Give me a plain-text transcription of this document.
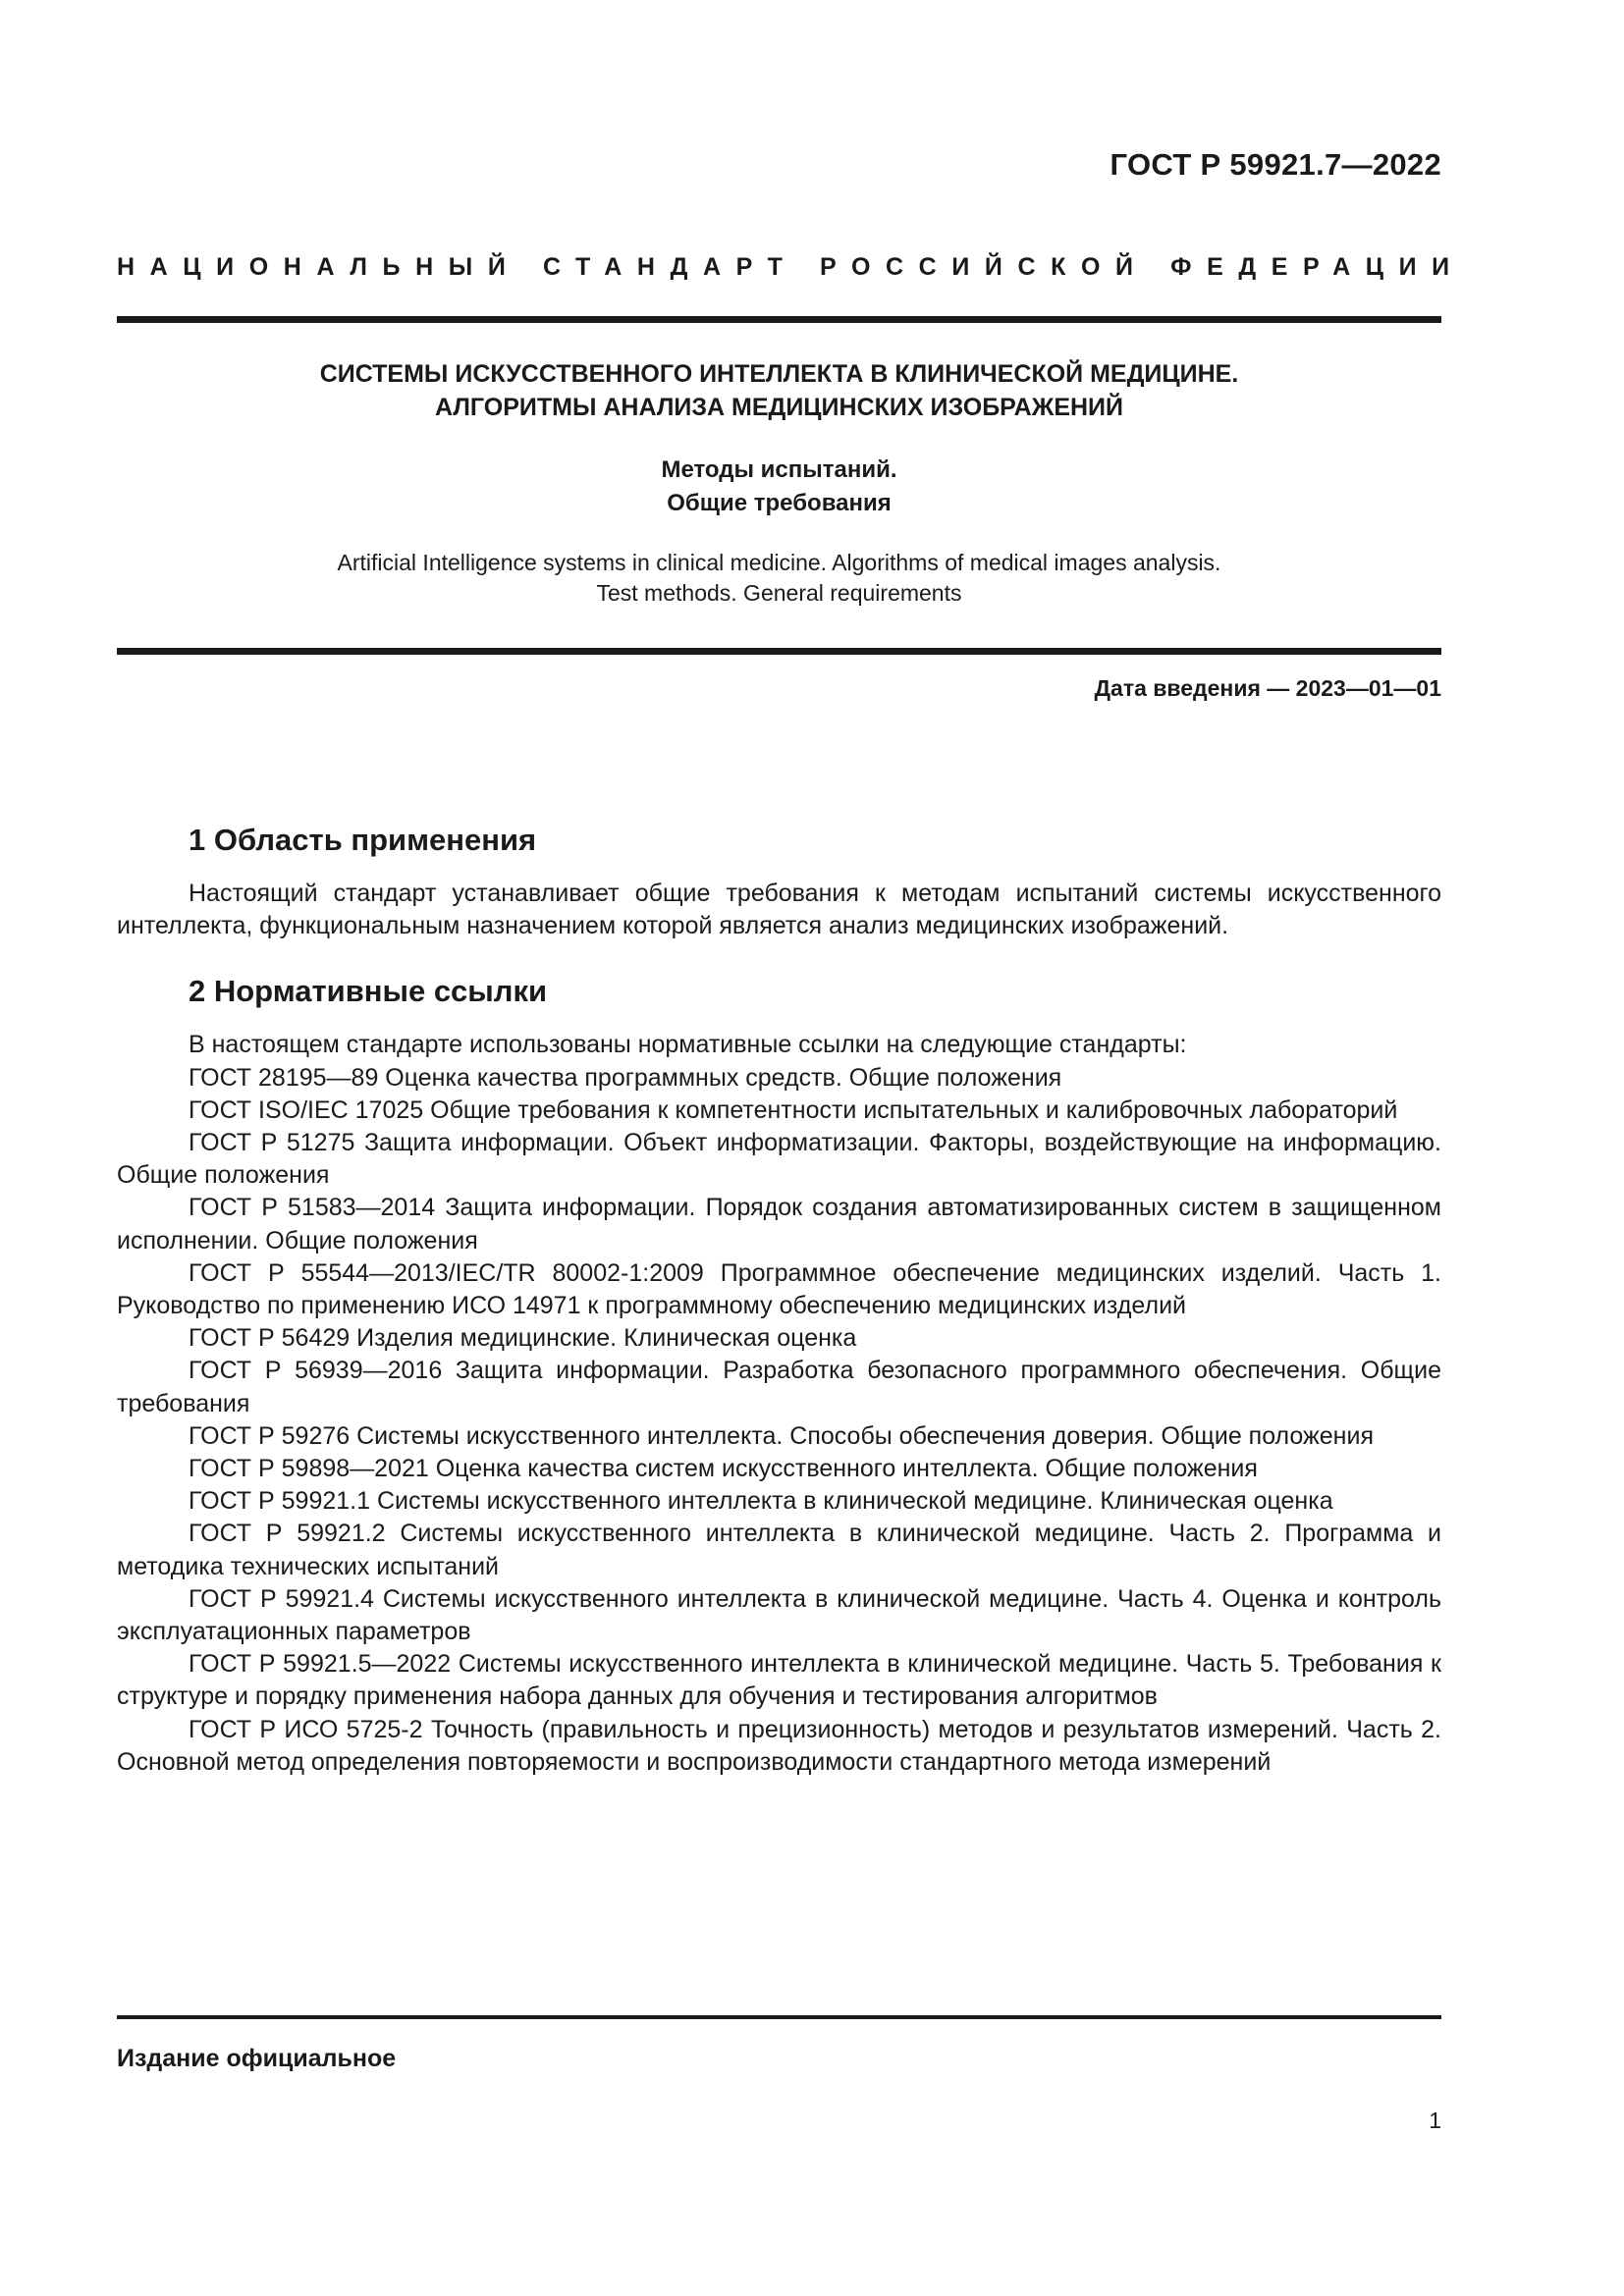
ГОСТ Р 59921.7—2022
НАЦИОНАЛЬНЫЙ СТАНДАРТ РОССИЙСКОЙ ФЕДЕРАЦИИ
СИСТЕМЫ ИСКУССТВЕННОГО ИНТЕЛЛЕКТА В КЛИНИЧЕСКОЙ МЕДИЦИНЕ.
АЛГОРИТМЫ АНАЛИЗА МЕДИЦИНСКИХ ИЗОБРАЖЕНИЙ
Методы испытаний.
Общие требования
Artificial Intelligence systems in clinical medicine. Algorithms of medical images analysis.
Test methods. General requirements
Дата введения — 2023—01—01
1 Область применения

Настоящий стандарт устанавливает общие требования к методам испытаний системы искусственного интеллекта, функциональным назначением которой является анализ медицинских изображений.

2 Нормативные ссылки

В настоящем стандарте использованы нормативные ссылки на следующие стандарты:

ГОСТ 28195—89 Оценка качества программных средств. Общие положения

ГОСТ ISO/IEC 17025 Общие требования к компетентности испытательных и калибровочных лабораторий

ГОСТ Р 51275 Защита информации. Объект информатизации. Факторы, воздействующие на информацию. Общие положения

ГОСТ Р 51583—2014 Защита информации. Порядок создания автоматизированных систем в защищенном исполнении. Общие положения

ГОСТ Р 55544—2013/IEC/TR 80002-1:2009 Программное обеспечение медицинских изделий. Часть 1. Руководство по применению ИСО 14971 к программному обеспечению медицинских изделий

ГОСТ Р 56429 Изделия медицинские. Клиническая оценка

ГОСТ Р 56939—2016 Защита информации. Разработка безопасного программного обеспечения. Общие требования

ГОСТ Р 59276 Системы искусственного интеллекта. Способы обеспечения доверия. Общие положения

ГОСТ Р 59898—2021 Оценка качества систем искусственного интеллекта. Общие положения

ГОСТ Р 59921.1 Системы искусственного интеллекта в клинической медицине. Клиническая оценка

ГОСТ Р 59921.2 Системы искусственного интеллекта в клинической медицине. Часть 2. Программа и методика технических испытаний

ГОСТ Р 59921.4 Системы искусственного интеллекта в клинической медицине. Часть 4. Оценка и контроль эксплуатационных параметров

ГОСТ Р 59921.5—2022 Системы искусственного интеллекта в клинической медицине. Часть 5. Требования к структуре и порядку применения набора данных для обучения и тестирования алгоритмов

ГОСТ Р ИСО 5725-2 Точность (правильность и прецизионность) методов и результатов измерений. Часть 2. Основной метод определения повторяемости и воспроизводимости стандартного метода измерений

Издание официальное
1
